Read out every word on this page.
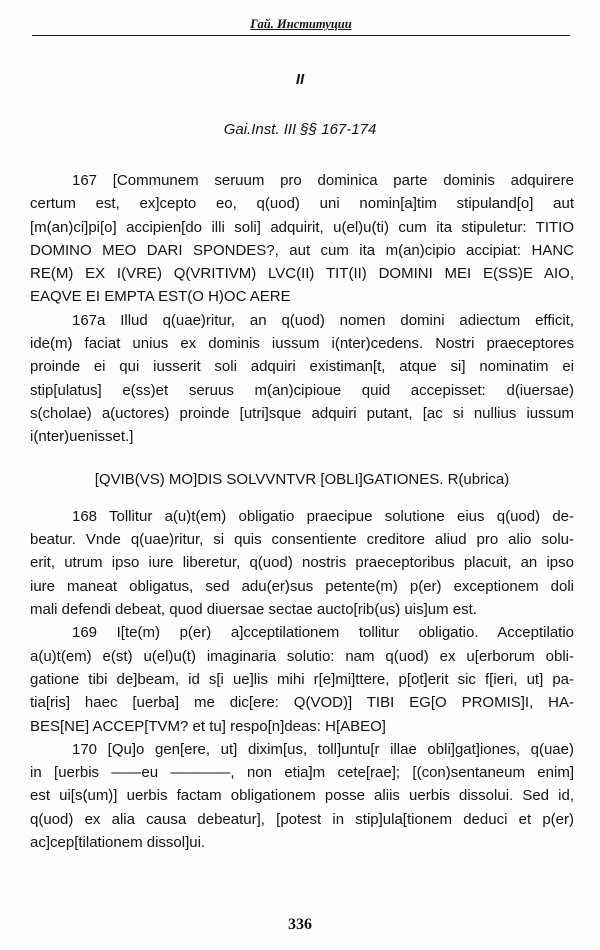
Гай. Институции
II
Gai.Inst. III §§ 167-174

167 [Communem seruum pro dominica parte dominis adquirere
certum est, ex]cepto eo, q(uod) uni nomin[a]tim stipuland[o] aut
[m(an)ci]pi[o] accipien[do illi soli] adquirit, u(el)u(ti) cum ita stipuletur: TITIO
DOMINO MEO DARI SPONDES?, aut cum ita m(an)cipio accipiat: HANC
RE(M) EX I(VRE) Q(VRITIVM) LVC(II) TIT(II) DOMINI MEI E(SS)E AIO,
EAQVE EI EMPTA EST(O H)OC AERE

167a Illud q(uae)ritur, an q(uod) nomen domini adiectum efficit,
ide(m) faciat unius ex dominis iussum i(nter)cedens. Nostri praeceptores
proinde ei qui iusserit soli adquiri existiman[t, atque si] nominatim ei
stip[ulatus] e(ss)et seruus m(an)cipioue quid accepisset: d(iuersae)
s(cholae) a(uctores) proinde [utri]sque adquiri putant, [ac si nullius iussum
i(nter)uenisset.]

[QVIB(VS) MO]DIS SOLVVNTVR [OBLI]GATIONES. R(ubrica)

168 Tollitur a(u)t(em) obligatio praecipue solutione eius q(uod) de-
beatur. Vnde q(uae)ritur, si quis consentiente creditore aliud pro alio solu-
erit, utrum ipso iure liberetur, q(uod) nostris praeceptoribus placuit, an ipso
iure maneat obligatus, sed adu(er)sus petente(m) p(er) exceptionem doli
mali defendi debeat, quod diuersae sectae aucto[rib(us) uis]um est.

169 I[te(m) p(er) a]cceptilationem tollitur obligatio. Acceptilatio
a(u)t(em) e(st) u(el)u(t) imaginaria solutio: nam q(uod) ex u[erborum obli-
gatione tibi de]beam, id s[i ue]lis mihi r[e]mi]ttere, p[ot]erit sic f[ieri, ut] pa-
tia[ris] haec [uerba] me dic[ere: Q(VOD)] TIBI EG[O PROMIS]I, HA-
BES[NE] ACCEP[TVM? et tu] respo[n]deas: H[ABEO]

170 [Qu]o gen[ere, ut] dixim[us, toll]untu[r illae obli]gat]iones, q(uae)
in [uerbis ——eu ————, non etia]m cete[rae]; [(con)sentaneum enim]
est ui[s(um)] uerbis factam obligationem posse aliis uerbis dissolui. Sed id,
q(uod) ex alia causa debeatur], [potest in stip]ula[tionem deduci et p(er)
ac]cep[tilationem dissol]ui.

336
